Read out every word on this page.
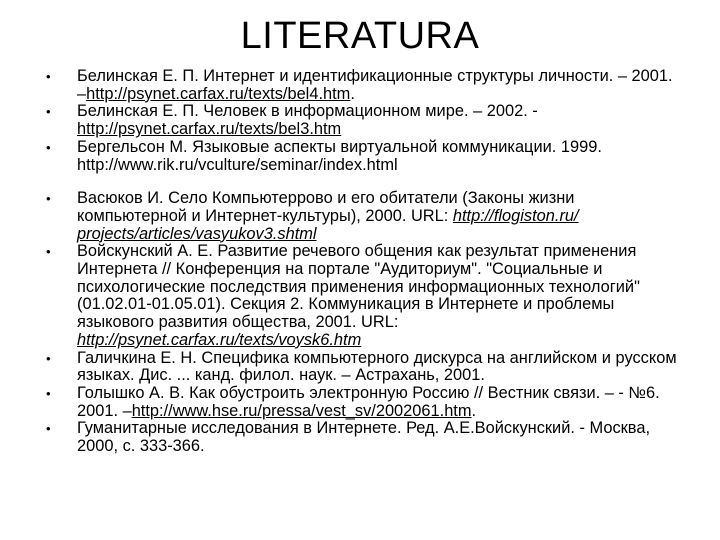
LITERATURA
• Белинская Е. П. Интернет и идентификационные структуры личности. – 2001. –http://psynet.carfax.ru/texts/bel4.htm.
• Белинская Е. П. Человек в информационном мире. – 2002. - http://psynet.carfax.ru/texts/bel3.htm
• Бергельсон М. Языковые аспекты виртуальной коммуникации. 1999. http://www.rik.ru/vculture/seminar/index.html
• Васюков И. Село Компьютеррово и его обитатели (Законы жизни компьютерной и Интернет-культуры), 2000. URL: http://flogiston.ru/ projects/articles/vasyukov3.shtml
• Войскунский А. Е. Развитие речевого общения как результат применения Интернета // Конференция на портале "Аудиториум". "Социальные и психологические последствия применения информационных технологий" (01.02.01-01.05.01). Секция 2. Коммуникация в Интернете и проблемы языкового развития общества, 2001. URL: http://psynet.carfax.ru/texts/voysk6.htm
• Галичкина Е. Н. Специфика компьютерного дискурса на английском и русском языках. Дис. ... канд. филол. наук. – Астрахань, 2001.
• Голышко А. В. Как обустроить электронную Россию // Вестник связи. – - №6. 2001. –http://www.hse.ru/pressa/vest_sv/2002061.htm.
• Гуманитарные исследования в Интернете. Ред. А.Е.Войскунский. - Москва, 2000, с. 333-366.
